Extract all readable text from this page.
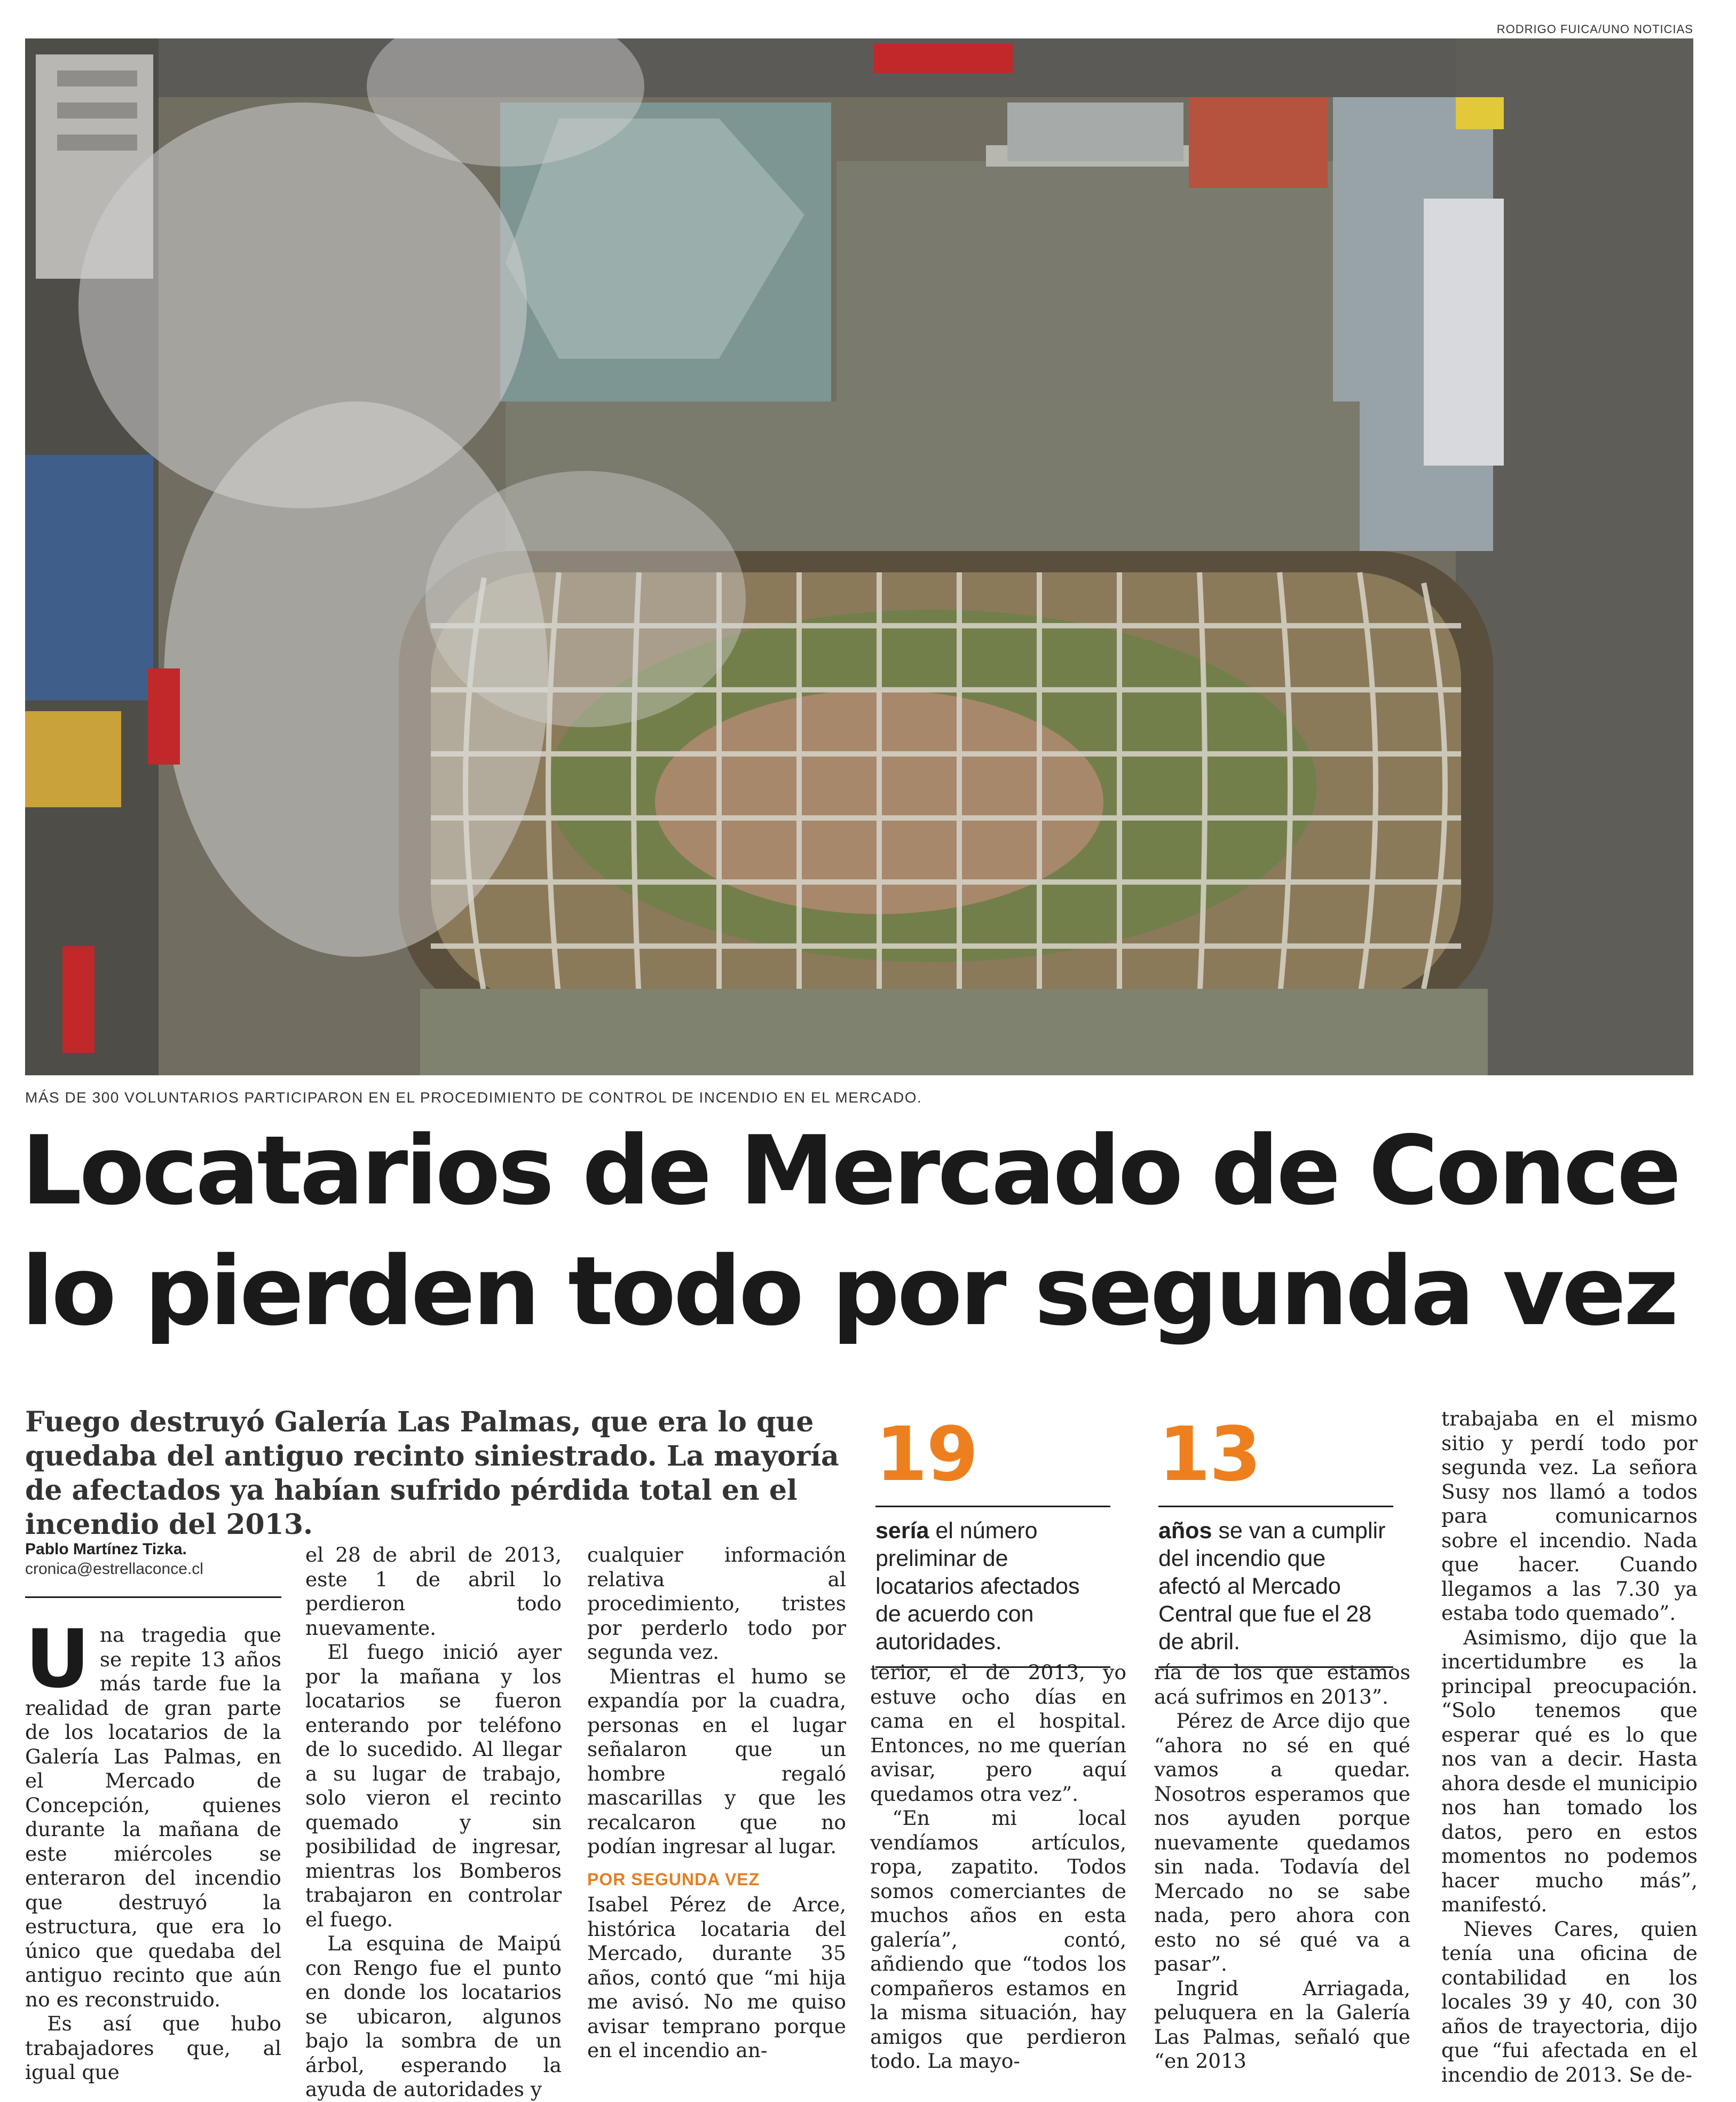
RODRIGO FUICA/UNO NOTICIAS
MÁS DE 300 VOLUNTARIOS PARTICIPARON EN EL PROCEDIMIENTO DE CONTROL DE INCENDIO EN EL MERCADO.
Locatarios de Mercado de Conce
lo pierden todo por segunda vez
Fuego destruyó Galería Las Palmas, que era lo que quedaba del antiguo recinto siniestrado. La mayoría de afectados ya habían sufrido pérdida total en el incendio del 2013.
Pablo Martínez Tizka.
cronica@estrellaconce.cl
19
sería el número preliminar de locatarios afectados de acuerdo con autoridades.
13
años se van a cumplir del incendio que afectó al Mercado Central que fue el 28 de abril.

Una tragedia que se repite 13 años más tarde fue la realidad de gran parte de los locatarios de la Galería Las Palmas, en el Mercado de Concepción, quienes durante la mañana de este miércoles se enteraron del incendio que destruyó la estructura, que era lo único que quedaba del antiguo recinto que aún no es reconstruido.

Es así que hubo trabajadores que, al igual que

el 28 de abril de 2013, este 1 de abril lo perdieron todo nuevamente.

El fuego inició ayer por la mañana y los locatarios se fueron enterando por teléfono de lo sucedido. Al llegar a su lugar de trabajo, solo vieron el recinto quemado y sin posibilidad de ingresar, mientras los Bomberos trabajaron en controlar el fuego.

La esquina de Maipú con Rengo fue el punto en donde los locatarios se ubicaron, algunos bajo la sombra de un árbol, esperando la ayuda de autoridades y

cualquier información relativa al procedimiento, tristes por perderlo todo por segunda vez.

Mientras el humo se expandía por la cuadra, personas en el lugar señalaron que un hombre regaló mascarillas y que les recalcaron que no podían ingresar al lugar.

POR SEGUNDA VEZ

Isabel Pérez de Arce, histórica locataria del Mercado, durante 35 años, contó que “mi hija me avisó. No me quiso avisar temprano porque en el incendio an-

terior, el de 2013, yo estuve ocho días en cama en el hospital. Entonces, no me querían avisar, pero aquí quedamos otra vez”.

“En mi local vendíamos artículos, ropa, zapatito. Todos somos comerciantes de muchos años en esta galería”, contó, añdiendo que “todos los compañeros estamos en la misma situación, hay amigos que perdieron todo. La mayo-

ría de los que estamos acá sufrimos en 2013”.

Pérez de Arce dijo que “ahora no sé en qué vamos a quedar. Nosotros esperamos que nos ayuden porque nuevamente quedamos sin nada. Todavía del Mercado no se sabe nada, pero ahora con esto no sé qué va a pasar”.

Ingrid Arriagada, peluquera en la Galería Las Palmas, señaló que “en 2013

trabajaba en el mismo sitio y perdí todo por segunda vez. La señora Susy nos llamó a todos para comunicarnos sobre el incendio. Nada que hacer. Cuando llegamos a las 7.30 ya estaba todo quemado”.

Asimismo, dijo que la incertidumbre es la principal preocupación. “Solo tenemos que esperar qué es lo que nos van a decir. Hasta ahora desde el municipio nos han tomado los datos, pero en estos momentos no podemos hacer mucho más”, manifestó.

Nieves Cares, quien tenía una oficina de contabilidad en los locales 39 y 40, con 30 años de trayectoria, dijo que “fui afectada en el incendio de 2013. Se de-
